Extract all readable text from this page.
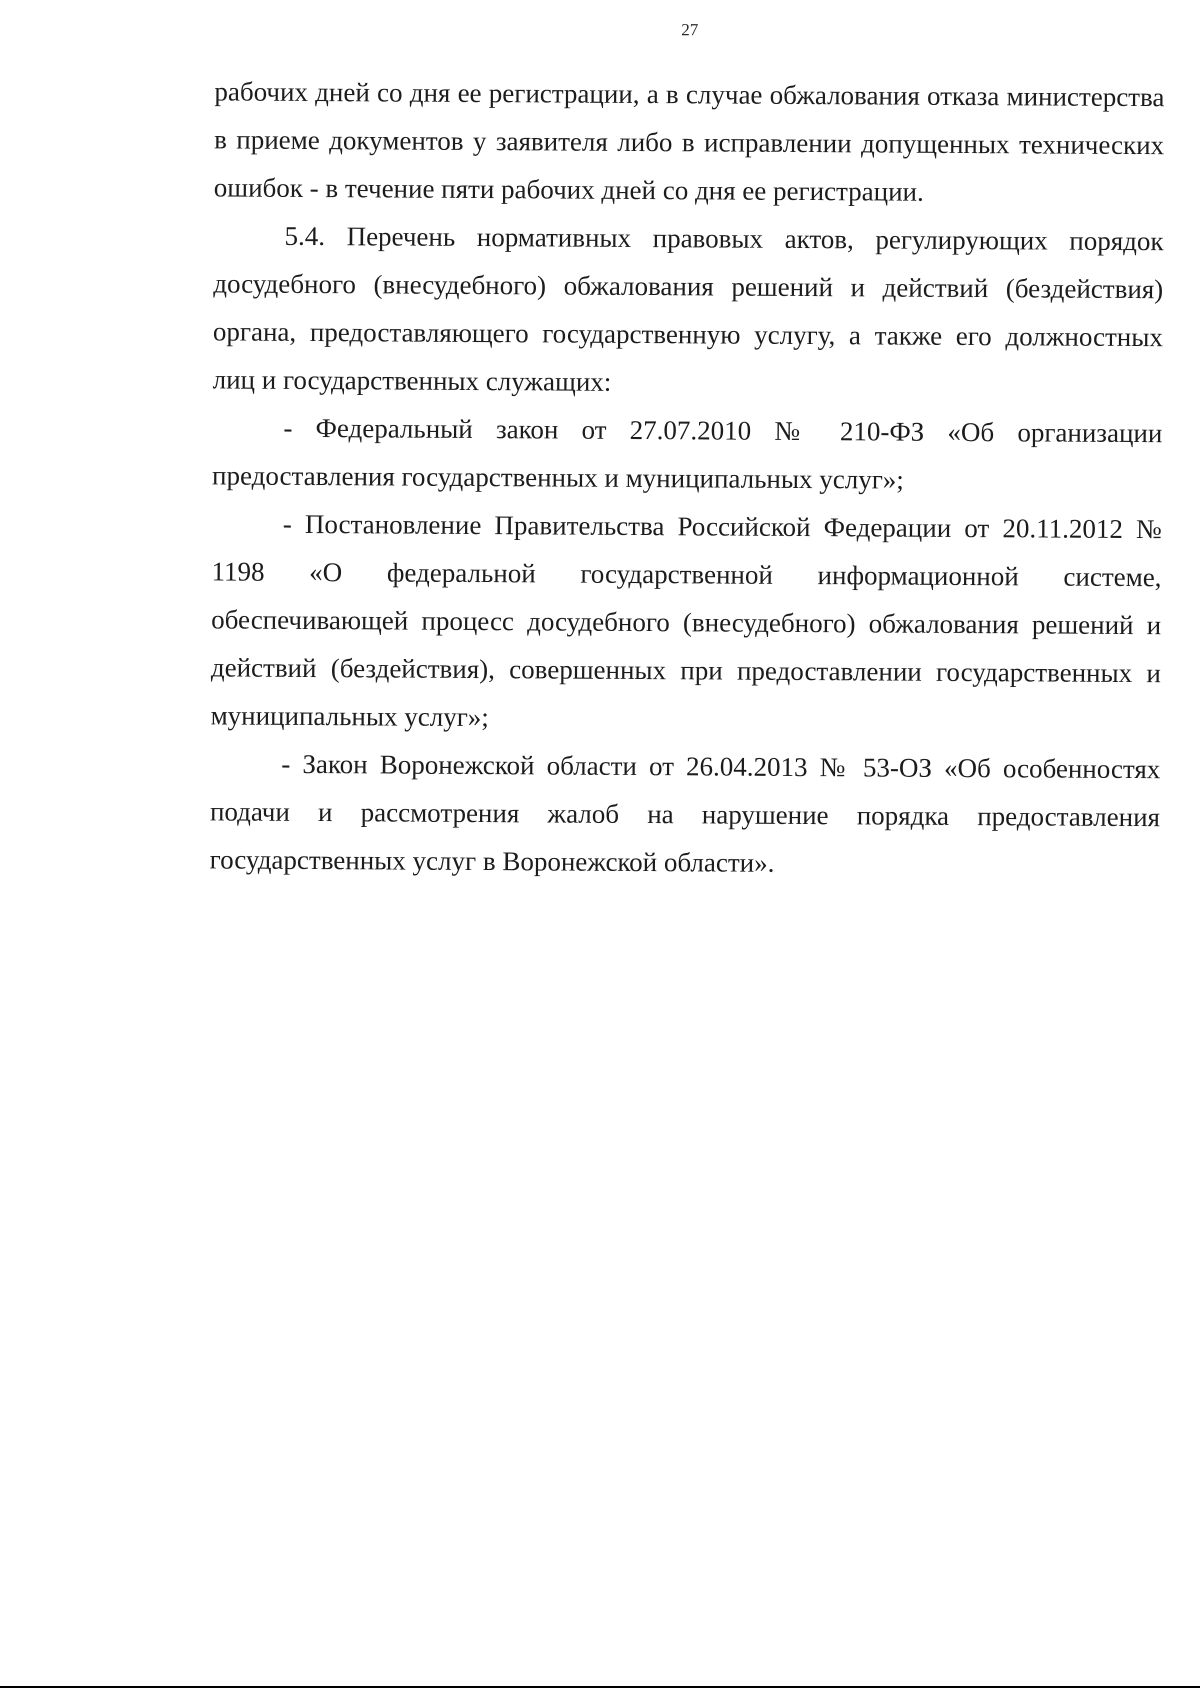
27

рабочих дней со дня ее регистрации, а в случае обжалования отказа министерства в приеме документов у заявителя либо в исправлении допущенных технических ошибок - в течение пяти рабочих дней со дня ее регистрации.

5.4. Перечень нормативных правовых актов, регулирующих порядок досудебного (внесудебного) обжалования решений и действий (бездействия) органа, предоставляющего государственную услугу, а также его должностных лиц и государственных служащих:

- Федеральный закон от 27.07.2010 № 210-ФЗ «Об организации предоставления государственных и муниципальных услуг»;

- Постановление Правительства Российской Федерации от 20.11.2012 № 1198 «О федеральной государственной информационной системе, обеспечивающей процесс досудебного (внесудебного) обжалования решений и действий (бездействия), совершенных при предоставлении государственных и муниципальных услуг»;

- Закон Воронежской области от 26.04.2013 № 53-ОЗ «Об особенностях подачи и рассмотрения жалоб на нарушение порядка предоставления государственных услуг в Воронежской области».
